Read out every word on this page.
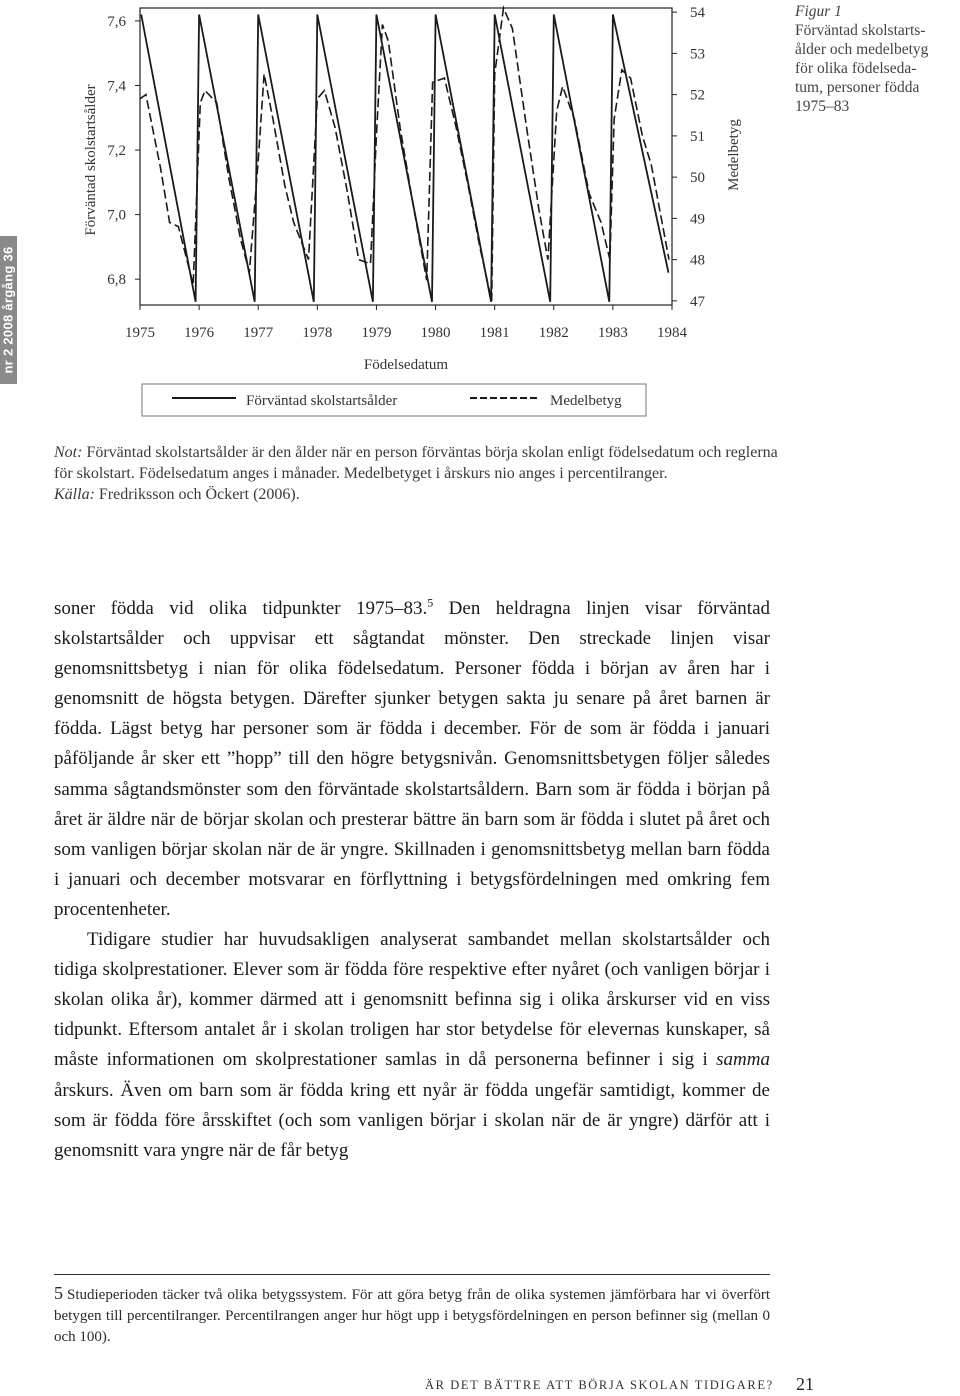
nr 2 2008 årgång 36	1975 1976 1977 1978 1979 1980 1981 1982 1983 1984
7,6
7,4
7,2
7,0
6,8
54
53
52
51
50
49
48
47
Födelsedatum
Förväntad skolstartsålder	Medelbetyg
Förväntad skolstartsålder	Medelbetyg
Figur 1
Förväntad skolstarts-
ålder och medelbetyg
för olika födelseda-
tum, personer födda
1975–83
Not: Förväntad skolstartsålder är den ålder när en person förväntas börja skolan enligt födelsedatum och reglerna för skolstart. Födelsedatum anges i månader. Medelbetyget i årskurs nio anges i percentilranger.
Källa: Fredriksson och Öckert (2006).

soner födda vid olika tidpunkter 1975–83.$^5$ Den heldragna linjen visar förväntad skolstartsålder och uppvisar ett sågtandat mönster. Den streckade linjen visar genomsnittsbetyg i nian för olika födelsedatum. Personer födda i början av åren har i genomsnitt de högsta betygen. Därefter sjunker betygen sakta ju senare på året barnen är födda. Lägst betyg har personer som är födda i december. För de som är födda i januari påföljande år sker ett ”hopp” till den högre betygsnivån. Genomsnittsbetygen följer således samma sågtandsmönster som den förväntade skolstartsåldern. Barn som är födda i början på året är äldre när de börjar skolan och presterar bättre än barn som är födda i slutet på året och som vanligen börjar skolan när de är yngre. Skillnaden i genomsnittsbetyg mellan barn födda i januari och december motsvarar en förflyttning i betygsfördelningen med omkring fem procentenheter.

Tidigare studier har huvudsakligen analyserat sambandet mellan skolstartsålder och tidiga skolprestationer. Elever som är födda före respektive efter nyåret (och vanligen börjar i skolan olika år), kommer därmed att i genomsnitt befinna sig i olika årskurser vid en viss tidpunkt. Eftersom antalet år i skolan troligen har stor betydelse för elevernas kunskaper, så måste informationen om skolprestationer samlas in då personerna befinner i sig i samma årskurs. Även om barn som är födda kring ett nyår är födda ungefär samtidigt, kommer de som är födda före årsskiftet (och som vanligen börjar i skolan när de är yngre) därför att i genomsnitt vara yngre när de får betyg

5 Studieperioden täcker två olika betygssystem. För att göra betyg från de olika systemen jämförbara har vi överfört betygen till percentilranger. Percentilrangen anger hur högt upp i betygsfördelningen en person befinner sig (mellan 0 och 100).
ÄR DET BÄTTRE ATT BÖRJA SKOLAN TIDIGARE? 21
